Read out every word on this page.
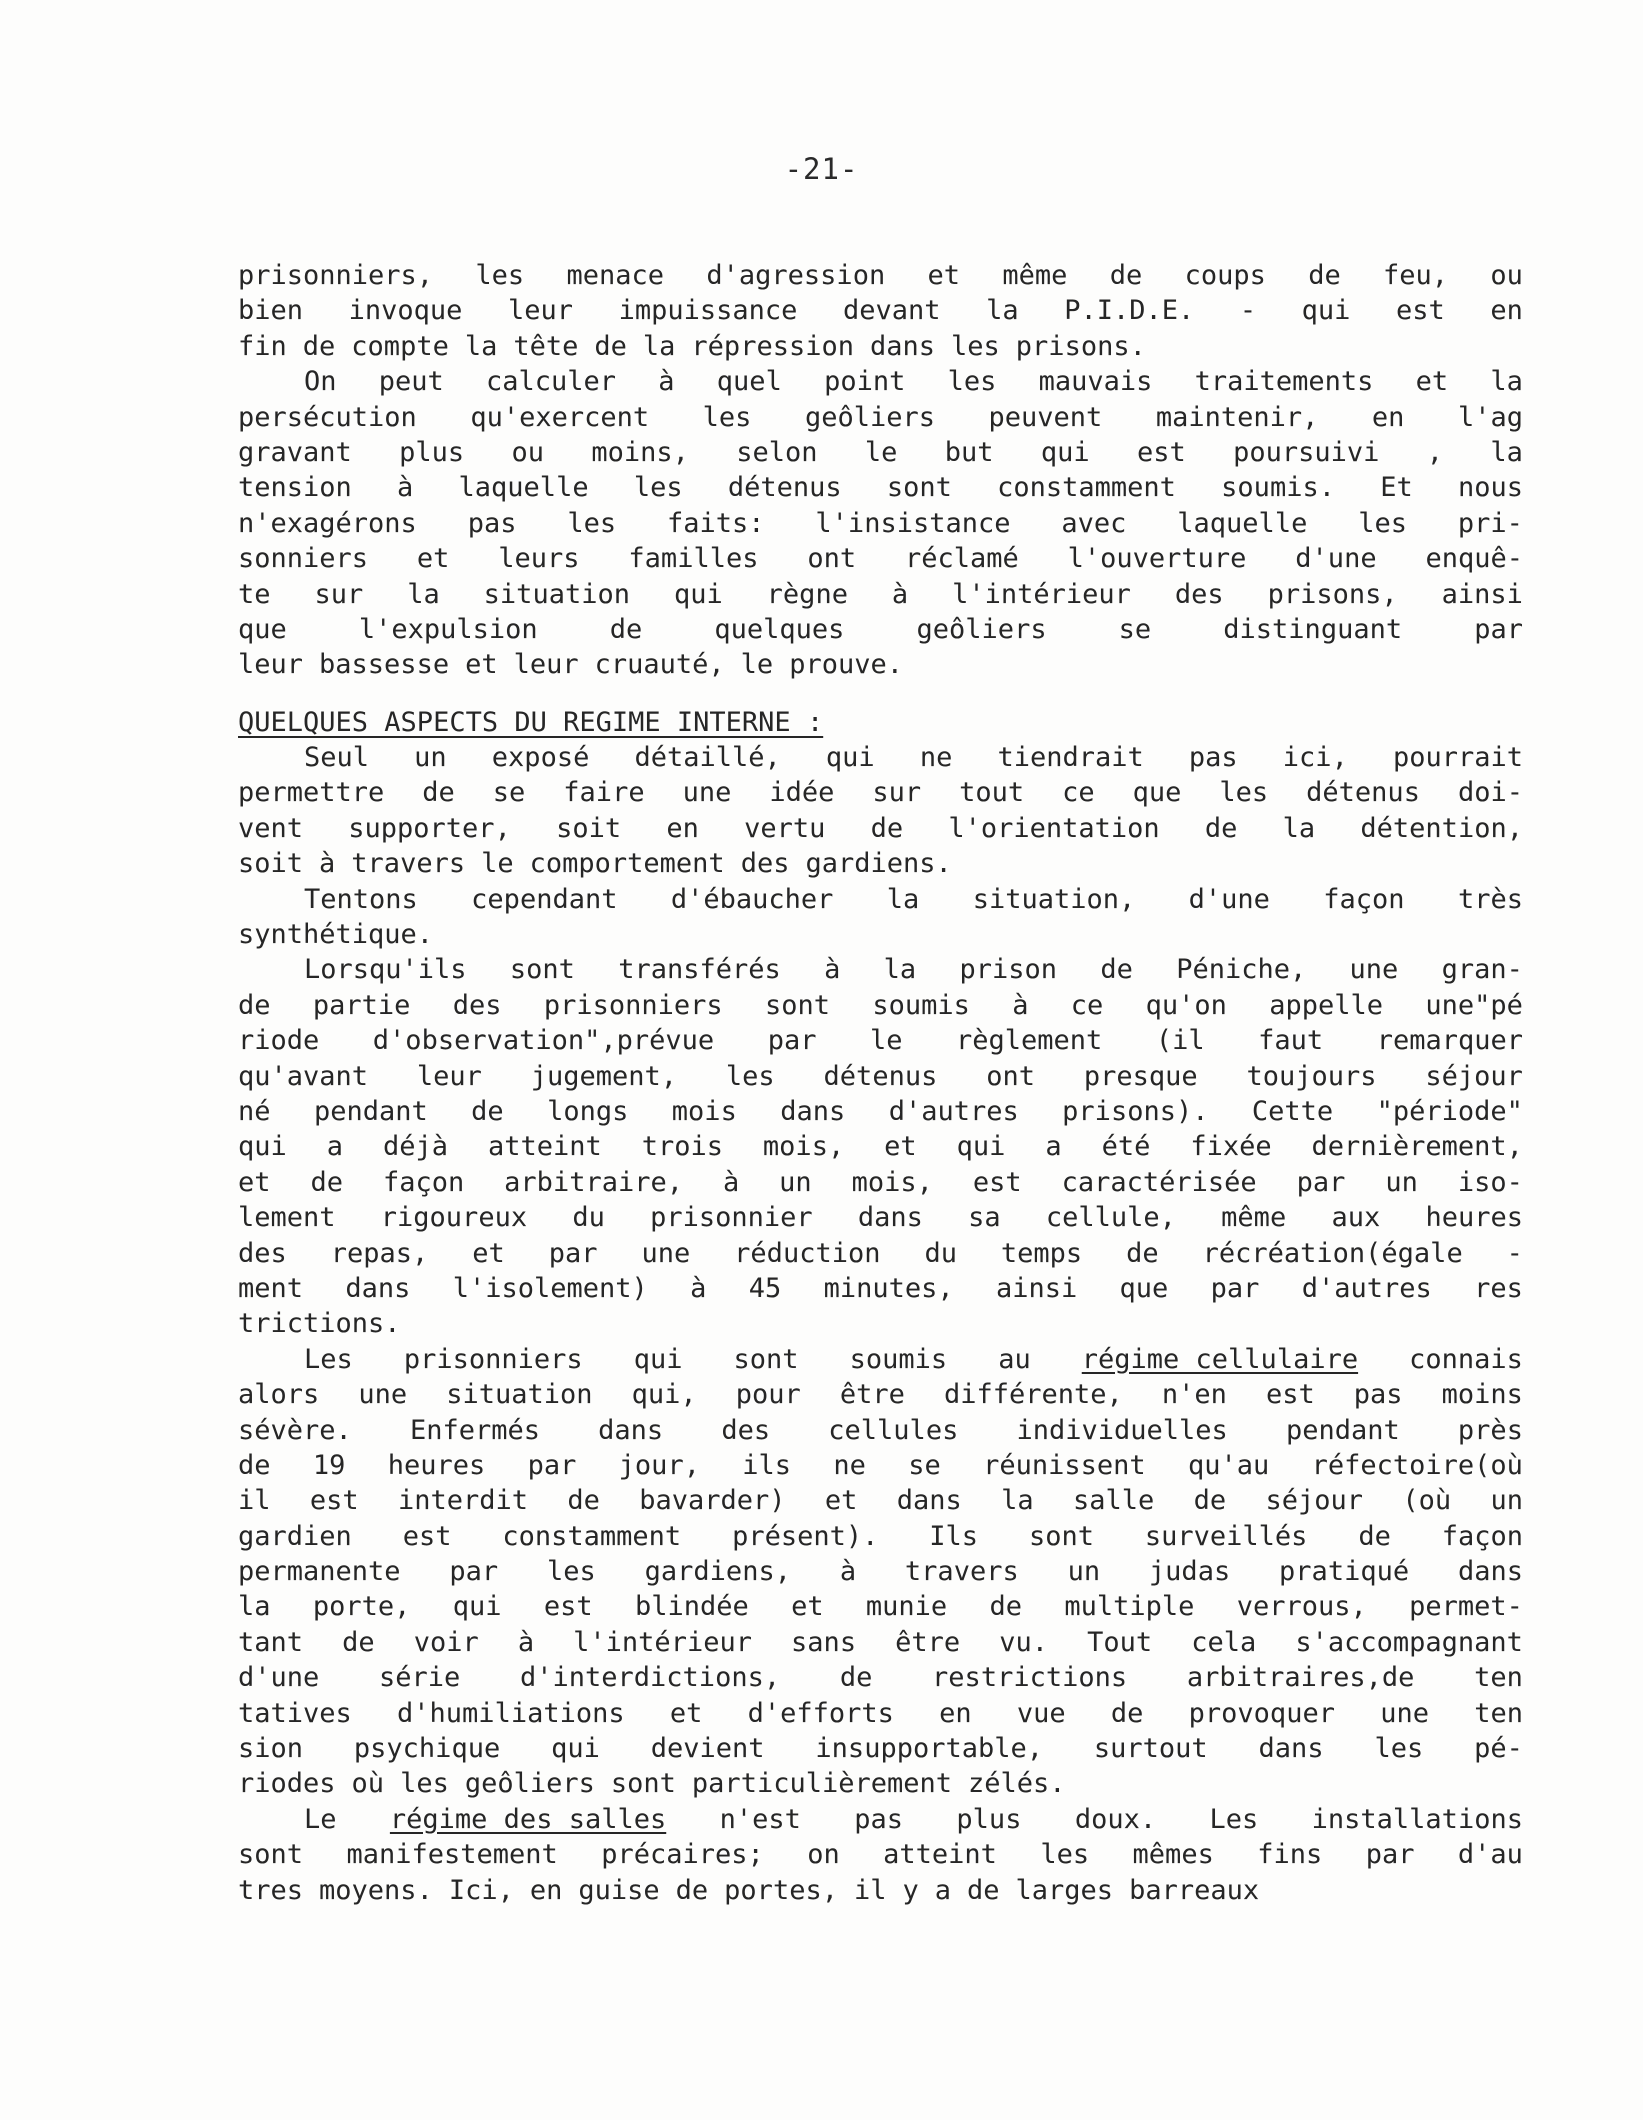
-21-
prisonniers, les menace d'agression et même de coups de feu, ou
bien invoque leur impuissance devant la P.I.D.E. - qui est en
fin de compte la tête de la répression dans les prisons.
On peut calculer à quel point les mauvais traitements et la
persécution qu'exercent les geôliers peuvent maintenir, en l'ag
gravant plus ou moins, selon le but qui est poursuivi , la
tension à laquelle les détenus sont constamment soumis. Et nous
n'exagérons pas les faits: l'insistance avec laquelle les pri-
sonniers et leurs familles ont réclamé l'ouverture d'une enquê-
te sur la situation qui règne à l'intérieur des prisons, ainsi
que	l'expulsion	de	quelques	geôliers	se	distinguant	par
leur bassesse et leur cruauté, le prouve.
QUELQUES ASPECTS DU REGIME INTERNE :
Seul un exposé détaillé, qui ne tiendrait pas ici, pourrait
permettre de se faire une idée sur tout ce que les détenus doi-
vent supporter, soit en vertu de l'orientation de la détention,
soit à travers le comportement des gardiens.
Tentons cependant d'ébaucher la situation, d'une façon très
synthétique.
Lorsqu'ils sont transférés à la prison de Péniche, une gran-
de partie des prisonniers sont soumis à ce qu'on appelle une"pé
riode d'observation",prévue par le règlement (il faut remarquer
qu'avant leur jugement, les détenus ont presque toujours séjour
né pendant de longs mois dans d'autres prisons). Cette "période"
qui a déjà atteint trois mois, et qui a été fixée dernièrement,
et de façon arbitraire, à un mois, est caractérisée par un iso-
lement rigoureux du prisonnier dans sa cellule, même aux heures
des repas, et par une réduction du temps de récréation(égale -
ment dans l'isolement) à 45 minutes, ainsi que par d'autres res
trictions.
Les prisonniers qui sont soumis au régime cellulaire connais
alors une situation qui, pour être différente, n'en est pas moins
sévère. Enfermés dans des cellules individuelles pendant près
de 19 heures par jour, ils ne se réunissent qu'au réfectoire(où
il est interdit de bavarder) et dans la salle de séjour (où un
gardien est constamment présent). Ils sont surveillés de façon
permanente par les gardiens, à travers un judas pratiqué dans
la porte, qui est blindée et munie de multiple verrous, permet-
tant de voir à l'intérieur sans être vu. Tout cela s'accompagnant
d'une série d'interdictions, de restrictions arbitraires,de ten
tatives d'humiliations et d'efforts en vue de provoquer une ten
sion psychique qui devient insupportable, surtout dans les pé-
riodes où les geôliers sont particulièrement zélés.
Le régime des salles n'est pas plus doux. Les installations
sont manifestement précaires; on atteint les mêmes fins par d'au
tres moyens. Ici, en guise de portes, il y a de larges barreaux
